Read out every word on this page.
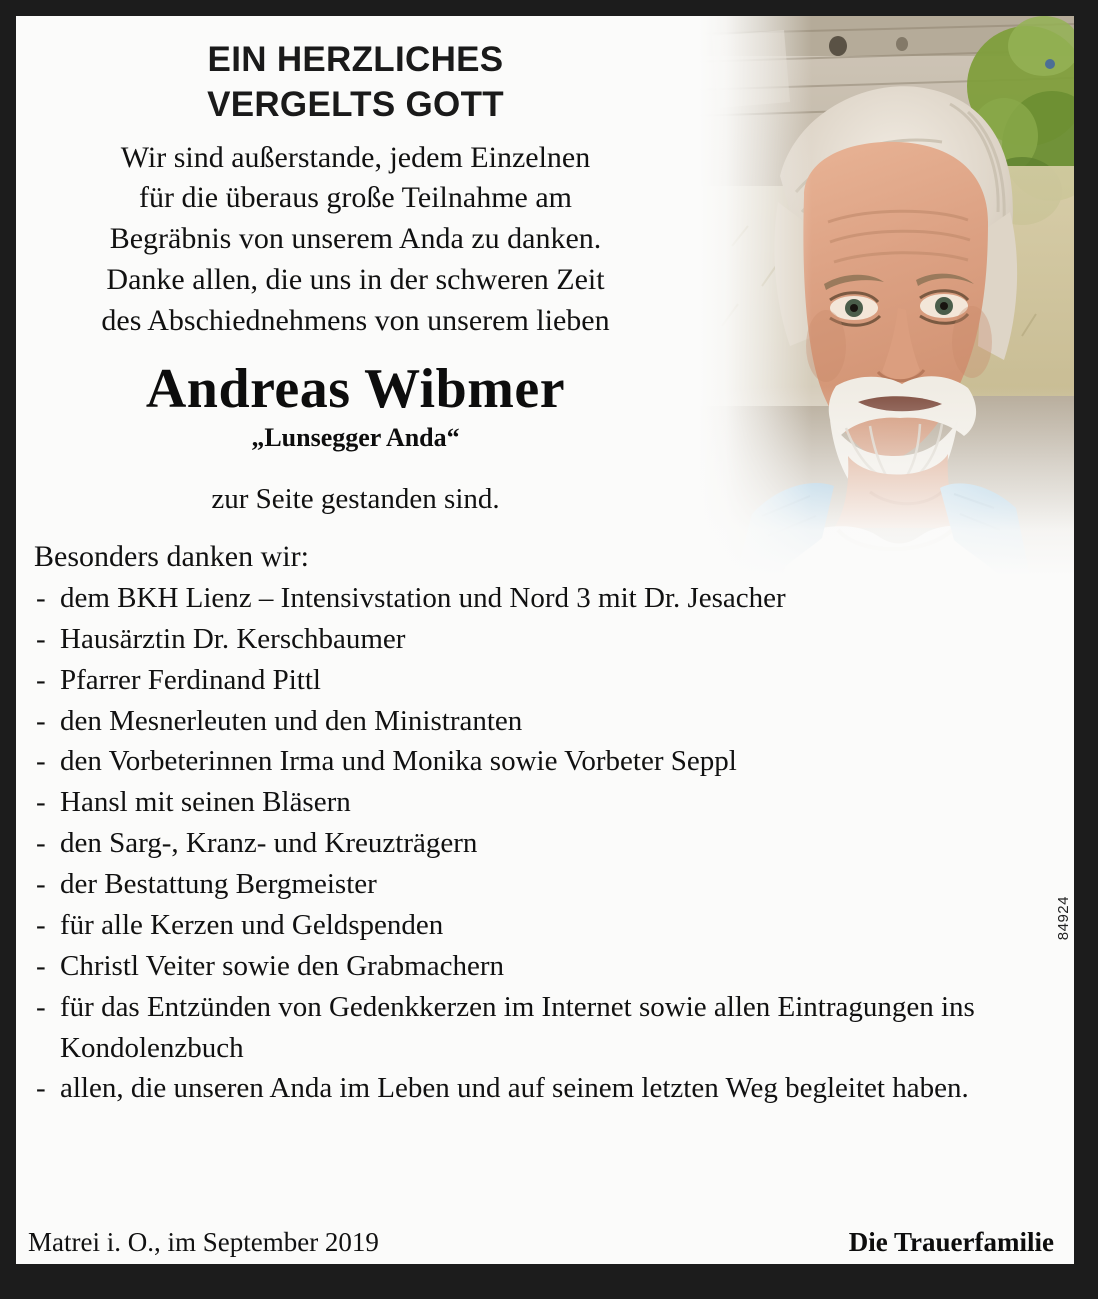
EIN HERZLICHES
VERGELTS GOTT

Wir sind außerstande, jedem Einzelnen
für die überaus große Teilnahme am
Begräbnis von unserem Anda zu danken.
Danke allen, die uns in der schweren Zeit
des Abschiednehmens von unserem lieben

Andreas Wibmer
„Lunsegger Anda“
zur Seite gestanden sind.
Besonders danken wir:
- dem BKH Lienz – Intensivstation und Nord 3 mit Dr. Jesacher
- Hausärztin Dr. Kerschbaumer
- Pfarrer Ferdinand Pittl
- den Mesnerleuten und den Ministranten
- den Vorbeterinnen Irma und Monika sowie Vorbeter Seppl
- Hansl mit seinen Bläsern
- den Sarg-, Kranz- und Kreuzträgern
- der Bestattung Bergmeister
- für alle Kerzen und Geldspenden
- Christl Veiter sowie den Grabmachern
- für das Entzünden von Gedenkkerzen im Internet sowie allen Eintragungen ins Kondolenzbuch
- allen, die unseren Anda im Leben und auf seinem letzten Weg begleitet haben.
Matrei i. O., im September 2019	Die Trauerfamilie
84924
